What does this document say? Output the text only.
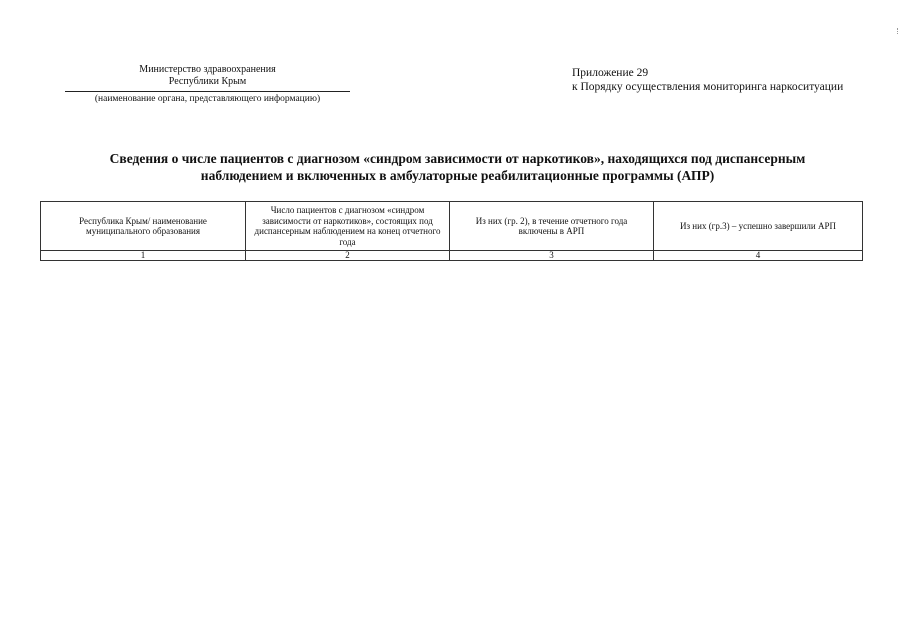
Министерство здравоохранения
Республики Крым
(наименование органа, представляющего информацию)
Приложение 29
к Порядку осуществления мониторинга наркоситуации
Сведения о числе пациентов с диагнозом «синдром зависимости от наркотиков», находящихся под диспансерным
наблюдением и включенных в амбулаторные реабилитационные программы (АПР)
Республика Крым/ наименование муниципального образования	Число пациентов с диагнозом «синдром зависимости от наркотиков», состоящих под диспансерным наблюдением на конец отчетного года	Из них (гр. 2), в течение отчетного года включены в АРП	Из них (гр.3) – успешно завершили АРП
1	2	3	4
